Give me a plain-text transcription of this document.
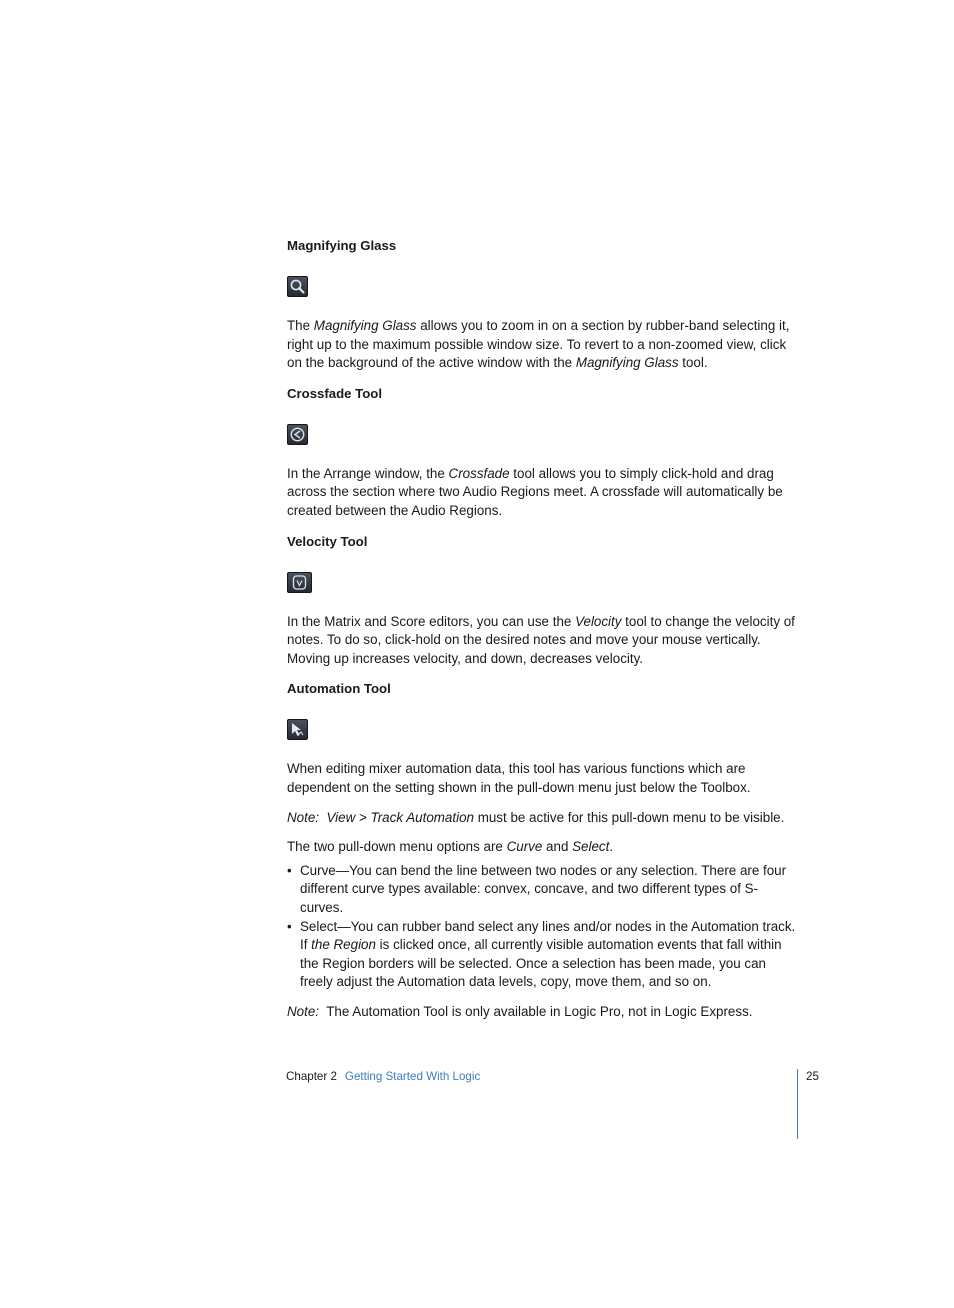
Magnifying Glass

The Magnifying Glass allows you to zoom in on a section by rubber-band selecting it, right up to the maximum possible window size. To revert to a non-zoomed view, click on the background of the active window with the Magnifying Glass tool.

Crossfade Tool

In the Arrange window, the Crossfade tool allows you to simply click-hold and drag across the section where two Audio Regions meet. A crossfade will automatically be created between the Audio Regions.

Velocity Tool

In the Matrix and Score editors, you can use the Velocity tool to change the velocity of notes. To do so, click-hold on the desired notes and move your mouse vertically. Moving up increases velocity, and down, decreases velocity.

Automation Tool

When editing mixer automation data, this tool has various functions which are dependent on the setting shown in the pull-down menu just below the Toolbox.

Note: View > Track Automation must be active for this pull-down menu to be visible.

The two pull-down menu options are Curve and Select.

• Curve—You can bend the line between two nodes or any selection. There are four different curve types available: convex, concave, and two different types of S-curves.
• Select—You can rubber band select any lines and/or nodes in the Automation track. If the Region is clicked once, all currently visible automation events that fall within the Region borders will be selected. Once a selection has been made, you can freely adjust the Automation data levels, copy, move them, and so on.

Note: The Automation Tool is only available in Logic Pro, not in Logic Express.

Chapter 2 Getting Started With Logic	25
